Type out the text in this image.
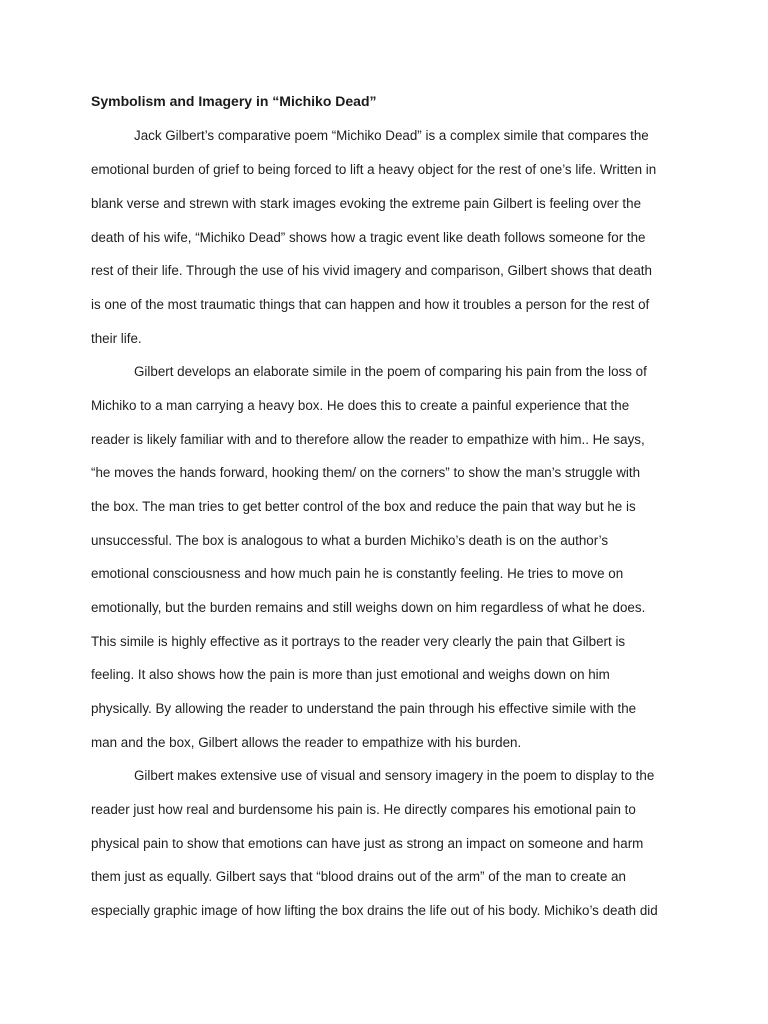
Symbolism and Imagery in “Michiko Dead”

Jack Gilbert’s comparative poem “Michiko Dead” is a complex simile that compares the

emotional burden of grief to being forced to lift a heavy object for the rest of one’s life. Written in

blank verse and strewn with stark images evoking the extreme pain Gilbert is feeling over the

death of his wife, “Michiko Dead” shows how a tragic event like death follows someone for the

rest of their life. Through the use of his vivid imagery and comparison, Gilbert shows that death

is one of the most traumatic things that can happen and how it troubles a person for the rest of

their life.

Gilbert develops an elaborate simile in the poem of comparing his pain from the loss of

Michiko to a man carrying a heavy box. He does this to create a painful experience that the

reader is likely familiar with and to therefore allow the reader to empathize with him.. He says,

“he moves the hands forward, hooking them/ on the corners” to show the man’s struggle with

the box. The man tries to get better control of the box and reduce the pain that way but he is

unsuccessful. The box is analogous to what a burden Michiko’s death is on the author’s

emotional consciousness and how much pain he is constantly feeling. He tries to move on

emotionally, but the burden remains and still weighs down on him regardless of what he does.

This simile is highly effective as it portrays to the reader very clearly the pain that Gilbert is

feeling. It also shows how the pain is more than just emotional and weighs down on him

physically. By allowing the reader to understand the pain through his effective simile with the

man and the box, Gilbert allows the reader to empathize with his burden.

Gilbert makes extensive use of visual and sensory imagery in the poem to display to the

reader just how real and burdensome his pain is. He directly compares his emotional pain to

physical pain to show that emotions can have just as strong an impact on someone and harm

them just as equally. Gilbert says that “blood drains out of the arm” of the man to create an

especially graphic image of how lifting the box drains the life out of his body. Michiko’s death did
